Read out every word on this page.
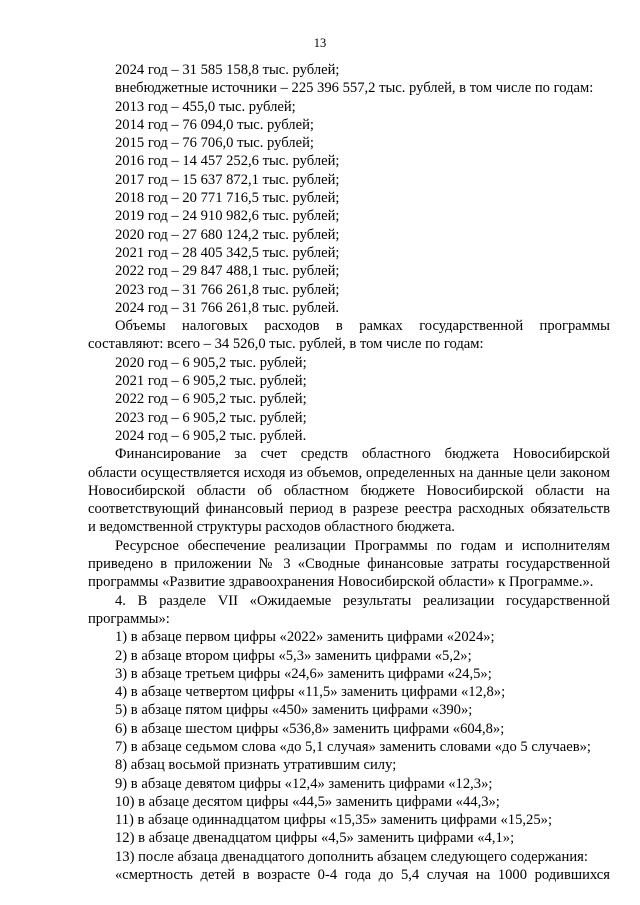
13
2024 год – 31 585 158,8 тыс. рублей;
внебюджетные источники – 225 396 557,2 тыс. рублей, в том числе по годам:
2013 год – 455,0 тыс. рублей;
2014 год – 76 094,0 тыс. рублей;
2015 год – 76 706,0 тыс. рублей;
2016 год – 14 457 252,6 тыс. рублей;
2017 год – 15 637 872,1 тыс. рублей;
2018 год – 20 771 716,5 тыс. рублей;
2019 год – 24 910 982,6 тыс. рублей;
2020 год – 27 680 124,2 тыс. рублей;
2021 год – 28 405 342,5 тыс. рублей;
2022 год – 29 847 488,1 тыс. рублей;
2023 год – 31 766 261,8 тыс. рублей;
2024 год – 31 766 261,8 тыс. рублей.
Объемы налоговых расходов в рамках государственной программы
составляют: всего – 34 526,0 тыс. рублей, в том числе по годам:
2020 год – 6 905,2 тыс. рублей;
2021 год – 6 905,2 тыс. рублей;
2022 год – 6 905,2 тыс. рублей;
2023 год – 6 905,2 тыс. рублей;
2024 год – 6 905,2 тыс. рублей.
Финансирование за счет средств областного бюджета Новосибирской
области осуществляется исходя из объемов, определенных на данные цели законом
Новосибирской области об областном бюджете Новосибирской области на
соответствующий финансовый период в разрезе реестра расходных обязательств
и ведомственной структуры расходов областного бюджета.
Ресурсное обеспечение реализации Программы по годам и исполнителям
приведено в приложении № 3 «Сводные финансовые затраты государственной
программы «Развитие здравоохранения Новосибирской области» к Программе.».
4. В разделе VII «Ожидаемые результаты реализации государственной
программы»:
1) в абзаце первом цифры «2022» заменить цифрами «2024»;
2) в абзаце втором цифры «5,3» заменить цифрами «5,2»;
3) в абзаце третьем цифры «24,6» заменить цифрами «24,5»;
4) в абзаце четвертом цифры «11,5» заменить цифрами «12,8»;
5) в абзаце пятом цифры «450» заменить цифрами «390»;
6) в абзаце шестом цифры «536,8» заменить цифрами «604,8»;
7) в абзаце седьмом слова «до 5,1 случая» заменить словами «до 5 случаев»;
8) абзац восьмой признать утратившим силу;
9) в абзаце девятом цифры «12,4» заменить цифрами «12,3»;
10) в абзаце десятом цифры «44,5» заменить цифрами «44,3»;
11) в абзаце одиннадцатом цифры «15,35» заменить цифрами «15,25»;
12) в абзаце двенадцатом цифры «4,5» заменить цифрами «4,1»;
13) после абзаца двенадцатого дополнить абзацем следующего содержания:
«смертность детей в возрасте 0-4 года до 5,4 случая на 1000 родившихся
